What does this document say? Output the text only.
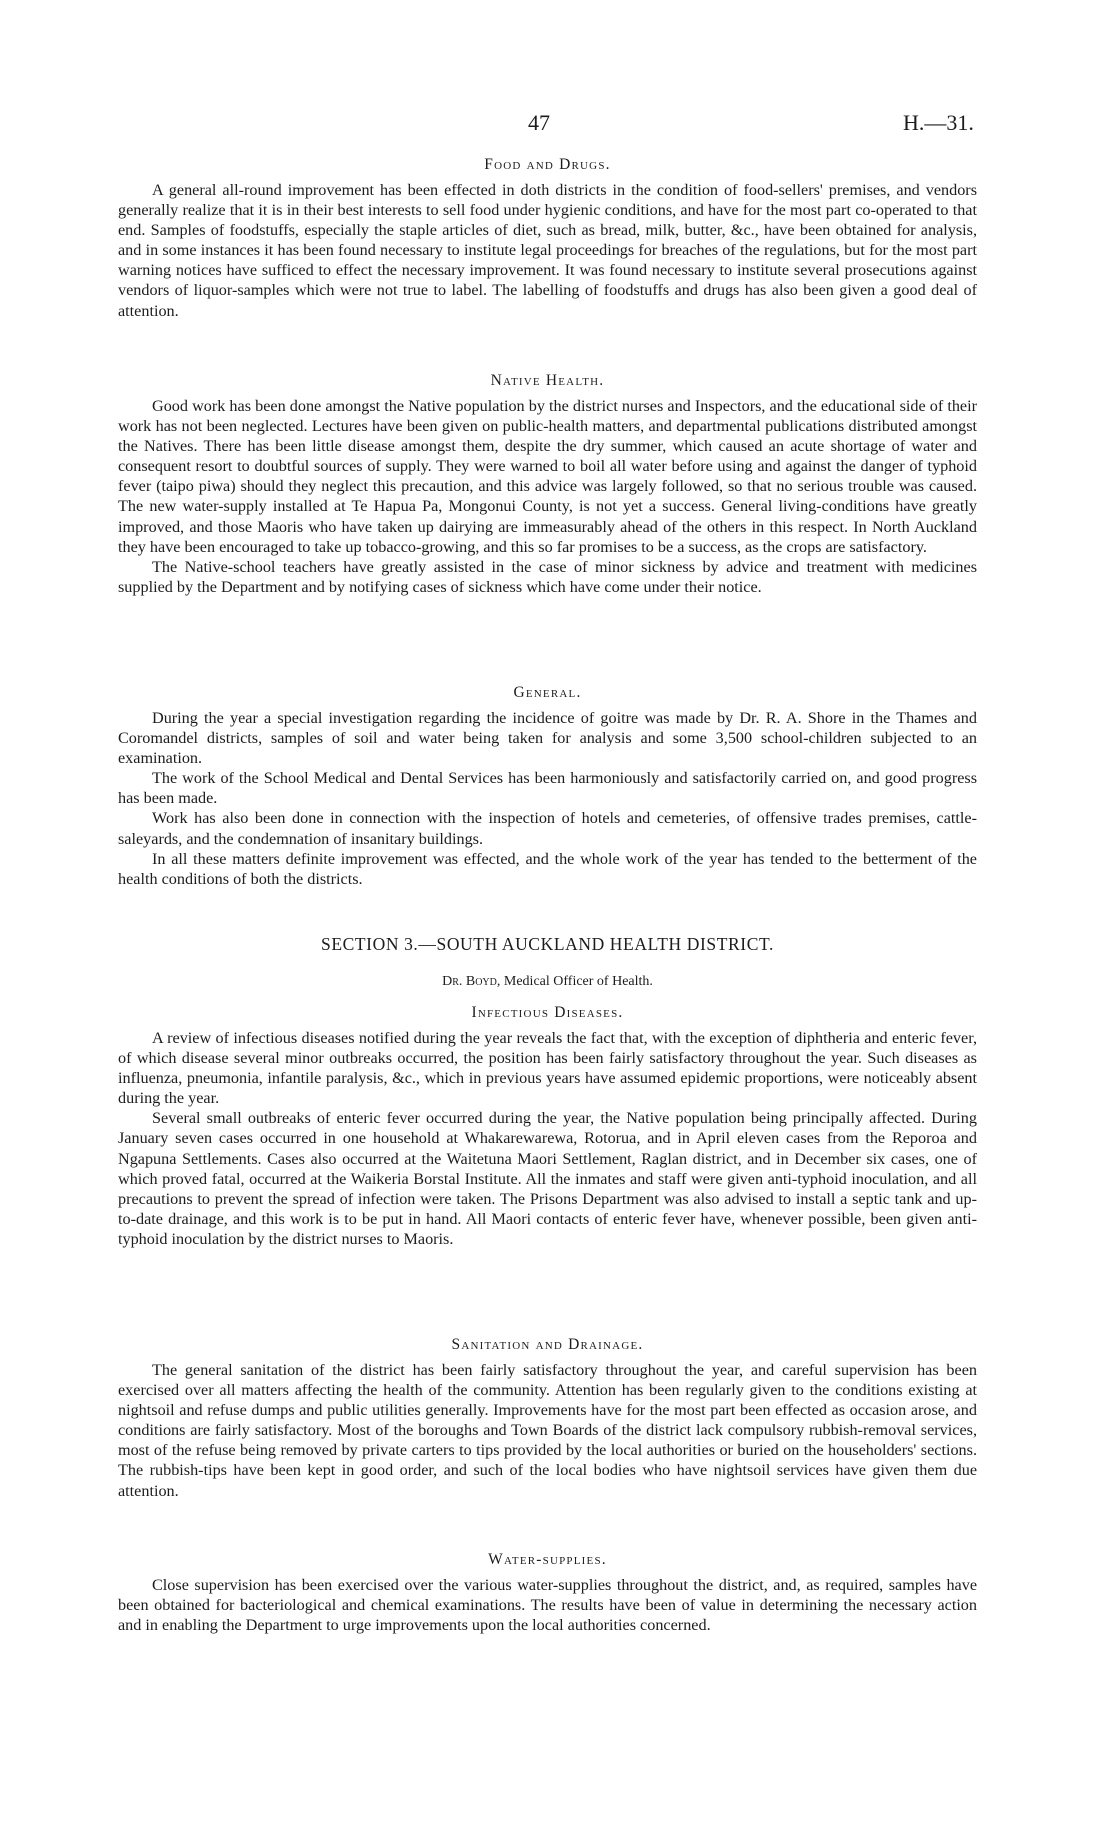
47	H.—31.
Food and Drugs.

A general all-round improvement has been effected in doth districts in the condition of food-sellers' premises, and vendors generally realize that it is in their best interests to sell food under hygienic conditions, and have for the most part co-operated to that end. Samples of foodstuffs, especially the staple articles of diet, such as bread, milk, butter, &c., have been obtained for analysis, and in some instances it has been found necessary to institute legal proceedings for breaches of the regulations, but for the most part warning notices have sufficed to effect the necessary improvement. It was found necessary to institute several prosecutions against vendors of liquor-samples which were not true to label. The labelling of foodstuffs and drugs has also been given a good deal of attention.

Native Health.

Good work has been done amongst the Native population by the district nurses and Inspectors, and the educational side of their work has not been neglected. Lectures have been given on public-health matters, and departmental publications distributed amongst the Natives. There has been little disease amongst them, despite the dry summer, which caused an acute shortage of water and consequent resort to doubtful sources of supply. They were warned to boil all water before using and against the danger of typhoid fever (taipo piwa) should they neglect this precaution, and this advice was largely followed, so that no serious trouble was caused. The new water-supply installed at Te Hapua Pa, Mongonui County, is not yet a success. General living-conditions have greatly improved, and those Maoris who have taken up dairying are immeasurably ahead of the others in this respect. In North Auckland they have been encouraged to take up tobacco-growing, and this so far promises to be a success, as the crops are satisfactory.

The Native-school teachers have greatly assisted in the case of minor sickness by advice and treatment with medicines supplied by the Department and by notifying cases of sickness which have come under their notice.

General.

During the year a special investigation regarding the incidence of goitre was made by Dr. R. A. Shore in the Thames and Coromandel districts, samples of soil and water being taken for analysis and some 3,500 school-children subjected to an examination.

The work of the School Medical and Dental Services has been harmoniously and satisfactorily carried on, and good progress has been made.

Work has also been done in connection with the inspection of hotels and cemeteries, of offensive trades premises, cattle-saleyards, and the condemnation of insanitary buildings.

In all these matters definite improvement was effected, and the whole work of the year has tended to the betterment of the health conditions of both the districts.

SECTION 3.—SOUTH AUCKLAND HEALTH DISTRICT.

Dr. Boyd, Medical Officer of Health.

Infectious Diseases.

A review of infectious diseases notified during the year reveals the fact that, with the exception of diphtheria and enteric fever, of which disease several minor outbreaks occurred, the position has been fairly satisfactory throughout the year. Such diseases as influenza, pneumonia, infantile paralysis, &c., which in previous years have assumed epidemic proportions, were noticeably absent during the year.

Several small outbreaks of enteric fever occurred during the year, the Native population being principally affected. During January seven cases occurred in one household at Whakarewarewa, Rotorua, and in April eleven cases from the Reporoa and Ngapuna Settlements. Cases also occurred at the Waitetuna Maori Settlement, Raglan district, and in December six cases, one of which proved fatal, occurred at the Waikeria Borstal Institute. All the inmates and staff were given anti-typhoid inoculation, and all precautions to prevent the spread of infection were taken. The Prisons Department was also advised to install a septic tank and up-to-date drainage, and this work is to be put in hand. All Maori contacts of enteric fever have, whenever possible, been given anti-typhoid inoculation by the district nurses to Maoris.

Sanitation and Drainage.

The general sanitation of the district has been fairly satisfactory throughout the year, and careful supervision has been exercised over all matters affecting the health of the community. Attention has been regularly given to the conditions existing at nightsoil and refuse dumps and public utilities generally. Improvements have for the most part been effected as occasion arose, and conditions are fairly satisfactory. Most of the boroughs and Town Boards of the district lack compulsory rubbish-removal services, most of the refuse being removed by private carters to tips provided by the local authorities or buried on the householders' sections. The rubbish-tips have been kept in good order, and such of the local bodies who have nightsoil services have given them due attention.

Water-supplies.

Close supervision has been exercised over the various water-supplies throughout the district, and, as required, samples have been obtained for bacteriological and chemical examinations. The results have been of value in determining the necessary action and in enabling the Department to urge improvements upon the local authorities concerned.
